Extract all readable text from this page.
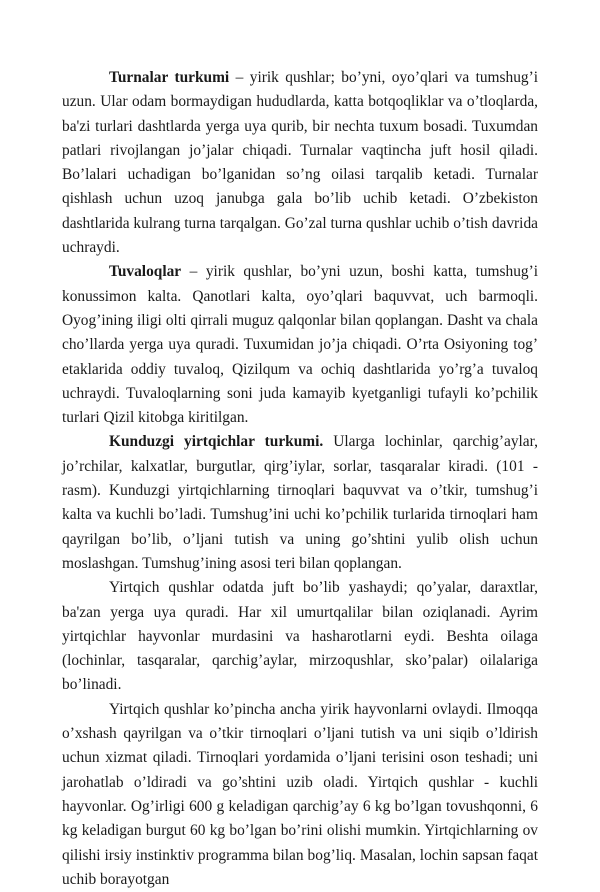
Turnalar turkumi – yirik qushlar; bo’yni, oyo’qlari va tumshug’i uzun. Ular odam bormaydigan hududlarda, katta botqoqliklar va o’tloqlarda, ba'zi turlari dashtlarda yerga uya qurib, bir nechta tuxum bosadi. Tuxumdan patlari rivojlangan jo’jalar chiqadi. Turnalar vaqtincha juft hosil qiladi. Bo’lalari uchadigan bo’lganidan so’ng oilasi tarqalib ketadi. Turnalar qishlash uchun uzoq janubga gala bo’lib uchib ketadi. O’zbekiston dashtlarida kulrang turna tarqalgan. Go’zal turna qushlar uchib o’tish davrida uchraydi.

Tuvaloqlar – yirik qushlar, bo’yni uzun, boshi katta, tumshug’i konussimon kalta. Qanotlari kalta, oyo’qlari baquvvat, uch barmoqli. Oyog’ining iligi olti qirrali muguz qalqonlar bilan qoplangan. Dasht va chala cho’llarda yerga uya quradi. Tuxumidan jo’ja chiqadi. O’rta Osiyoning tog’ etaklarida oddiy tuvaloq, Qizilqum va ochiq dashtlarida yo’rg’a tuvaloq uchraydi. Tuvaloqlarning soni juda kamayib kyetganligi tufayli ko’pchilik turlari Qizil kitobga kiritilgan.

Kunduzgi yirtqichlar turkumi. Ularga lochinlar, qarchig’aylar, jo’rchilar, kalxatlar, burgutlar, qirg’iylar, sorlar, tasqaralar kiradi. (101 - rasm). Kunduzgi yirtqichlarning tirnoqlari baquvvat va o’tkir, tumshug’i kalta va kuchli bo’ladi. Tumshug’ini uchi ko’pchilik turlarida tirnoqlari ham qayrilgan bo’lib, o’ljani tutish va uning go’shtini yulib olish uchun moslashgan. Tumshug’ining asosi teri bilan qoplangan.

Yirtqich qushlar odatda juft bo’lib yashaydi; qo’yalar, daraxtlar, ba'zan yerga uya quradi. Har xil umurtqalilar bilan oziqlanadi. Ayrim yirtqichlar hayvonlar murdasini va hasharotlarni eydi. Beshta oilaga (lochinlar, tasqaralar, qarchig’aylar, mirzoqushlar, sko’palar) oilalariga bo’linadi.

Yirtqich qushlar ko’pincha ancha yirik hayvonlarni ovlaydi. Ilmoqqa o’xshash qayrilgan va o’tkir tirnoqlari o’ljani tutish va uni siqib o’ldirish uchun xizmat qiladi. Tirnoqlari yordamida o’ljani terisini oson teshadi; uni jarohatlab o’ldiradi va go’shtini uzib oladi. Yirtqich qushlar - kuchli hayvonlar. Og’irligi 600 g keladigan qarchig’ay 6 kg bo’lgan tovushqonni, 6 kg keladigan burgut 60 kg bo’lgan bo’rini olishi mumkin. Yirtqichlarning ov qilishi irsiy instinktiv programma bilan bog’liq. Masalan, lochin sapsan faqat uchib borayotgan
